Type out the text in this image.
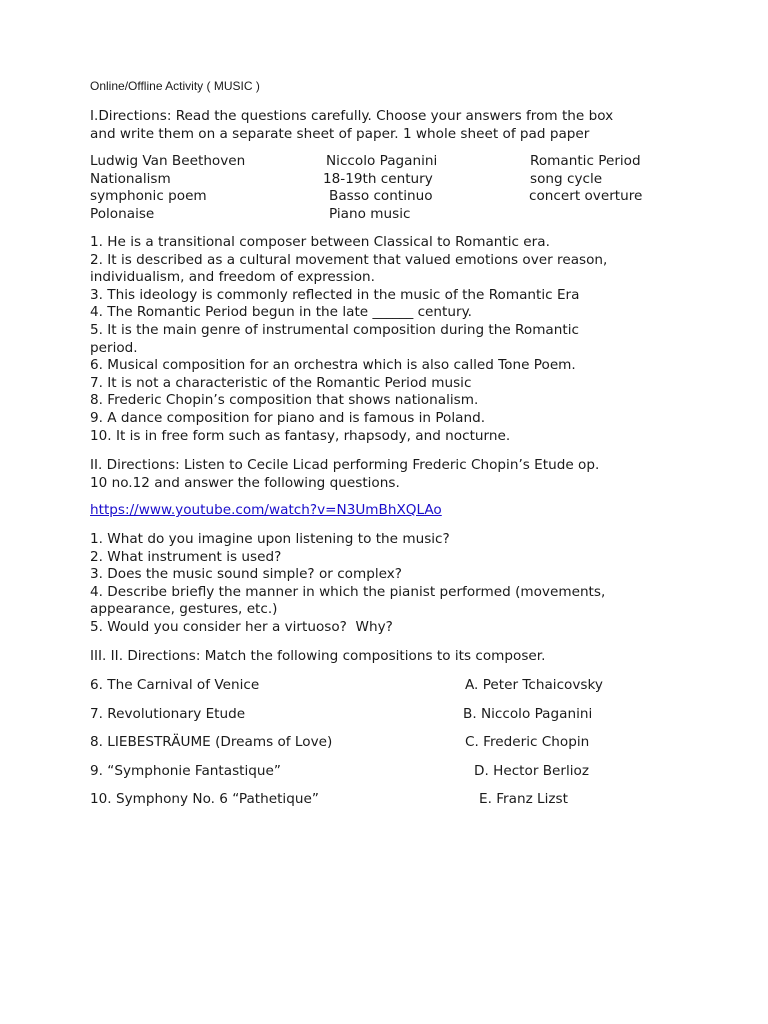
Online/Offline Activity ( MUSIC )
I.Directions: Read the questions carefully. Choose your answers from the box
and write them on a separate sheet of paper. 1 whole sheet of pad paper
Ludwig Van Beethoven	Niccolo Paganini	Romantic Period
Nationalism	18-19th century	song cycle
symphonic poem	Basso continuo	concert overture
Polonaise	Piano music
1. He is a transitional composer between Classical to Romantic era.
2. It is described as a cultural movement that valued emotions over reason,
individualism, and freedom of expression.
3. This ideology is commonly reflected in the music of the Romantic Era
4. The Romantic Period begun in the late ______ century.
5. It is the main genre of instrumental composition during the Romantic
period.
6. Musical composition for an orchestra which is also called Tone Poem.
7. It is not a characteristic of the Romantic Period music
8. Frederic Chopin’s composition that shows nationalism.
9. A dance composition for piano and is famous in Poland.
10. It is in free form such as fantasy, rhapsody, and nocturne.
II. Directions: Listen to Cecile Licad performing Frederic Chopin’s Etude op.
10 no.12 and answer the following questions.
https://www.youtube.com/watch?v=N3UmBhXQLAo
1. What do you imagine upon listening to the music?
2. What instrument is used?
3. Does the music sound simple? or complex?
4. Describe briefly the manner in which the pianist performed (movements,
appearance, gestures, etc.)
5. Would you consider her a virtuoso?  Why?
III. II. Directions: Match the following compositions to its composer.
6. The Carnival of Venice	A. Peter Tchaicovsky
7. Revolutionary Etude	B. Niccolo Paganini
8. LIEBESTRÄUME (Dreams of Love)	C. Frederic Chopin
9. “Symphonie Fantastique”	D. Hector Berlioz
10. Symphony No. 6 “Pathetique”	E. Franz Lizst
